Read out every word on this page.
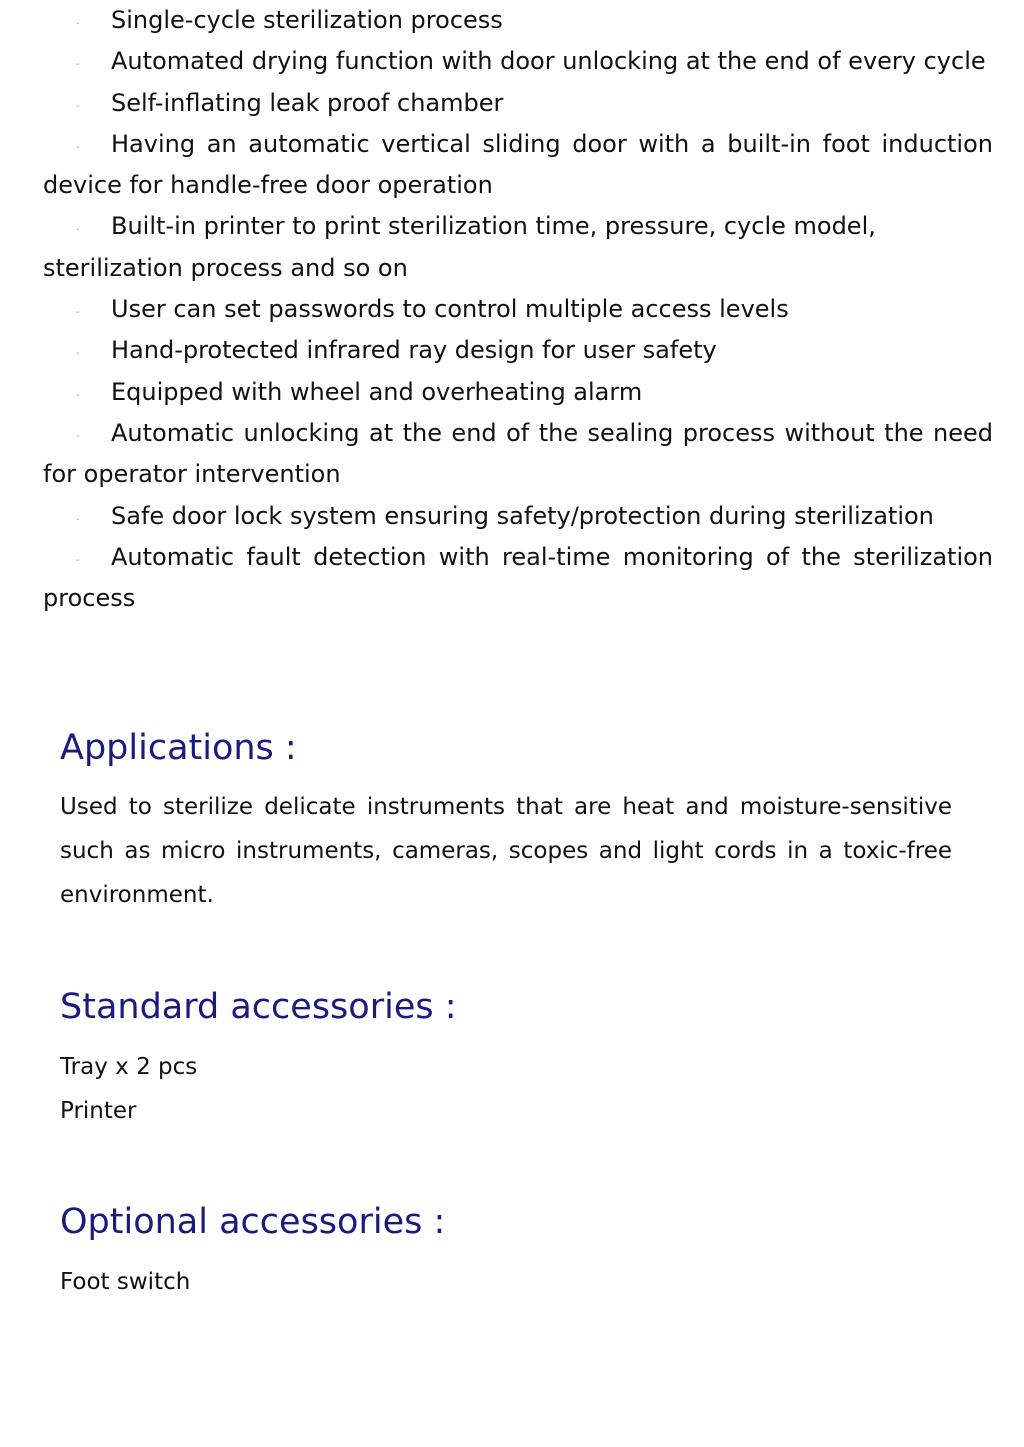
- Single-cycle sterilization process

- Automated drying function with door unlocking at the end of every cycle

- Self-inflating leak proof chamber

- Having an automatic vertical sliding door with a built-in foot induction device for handle-free door operation

- Built-in printer to print sterilization time, pressure, cycle model, sterilization process and so on

- User can set passwords to control multiple access levels

- Hand-protected infrared ray design for user safety

- Equipped with wheel and overheating alarm

- Automatic unlocking at the end of the sealing process without the need for operator intervention

- Safe door lock system ensuring safety/protection during sterilization

- Automatic fault detection with real-time monitoring of the sterilization process

Applications :

Used to sterilize delicate instruments that are heat and moisture-sensitive such as micro instruments, cameras, scopes and light cords in a toxic-free environment.

Standard accessories :
Tray x 2 pcs
Printer
Optional accessories :
Foot switch
